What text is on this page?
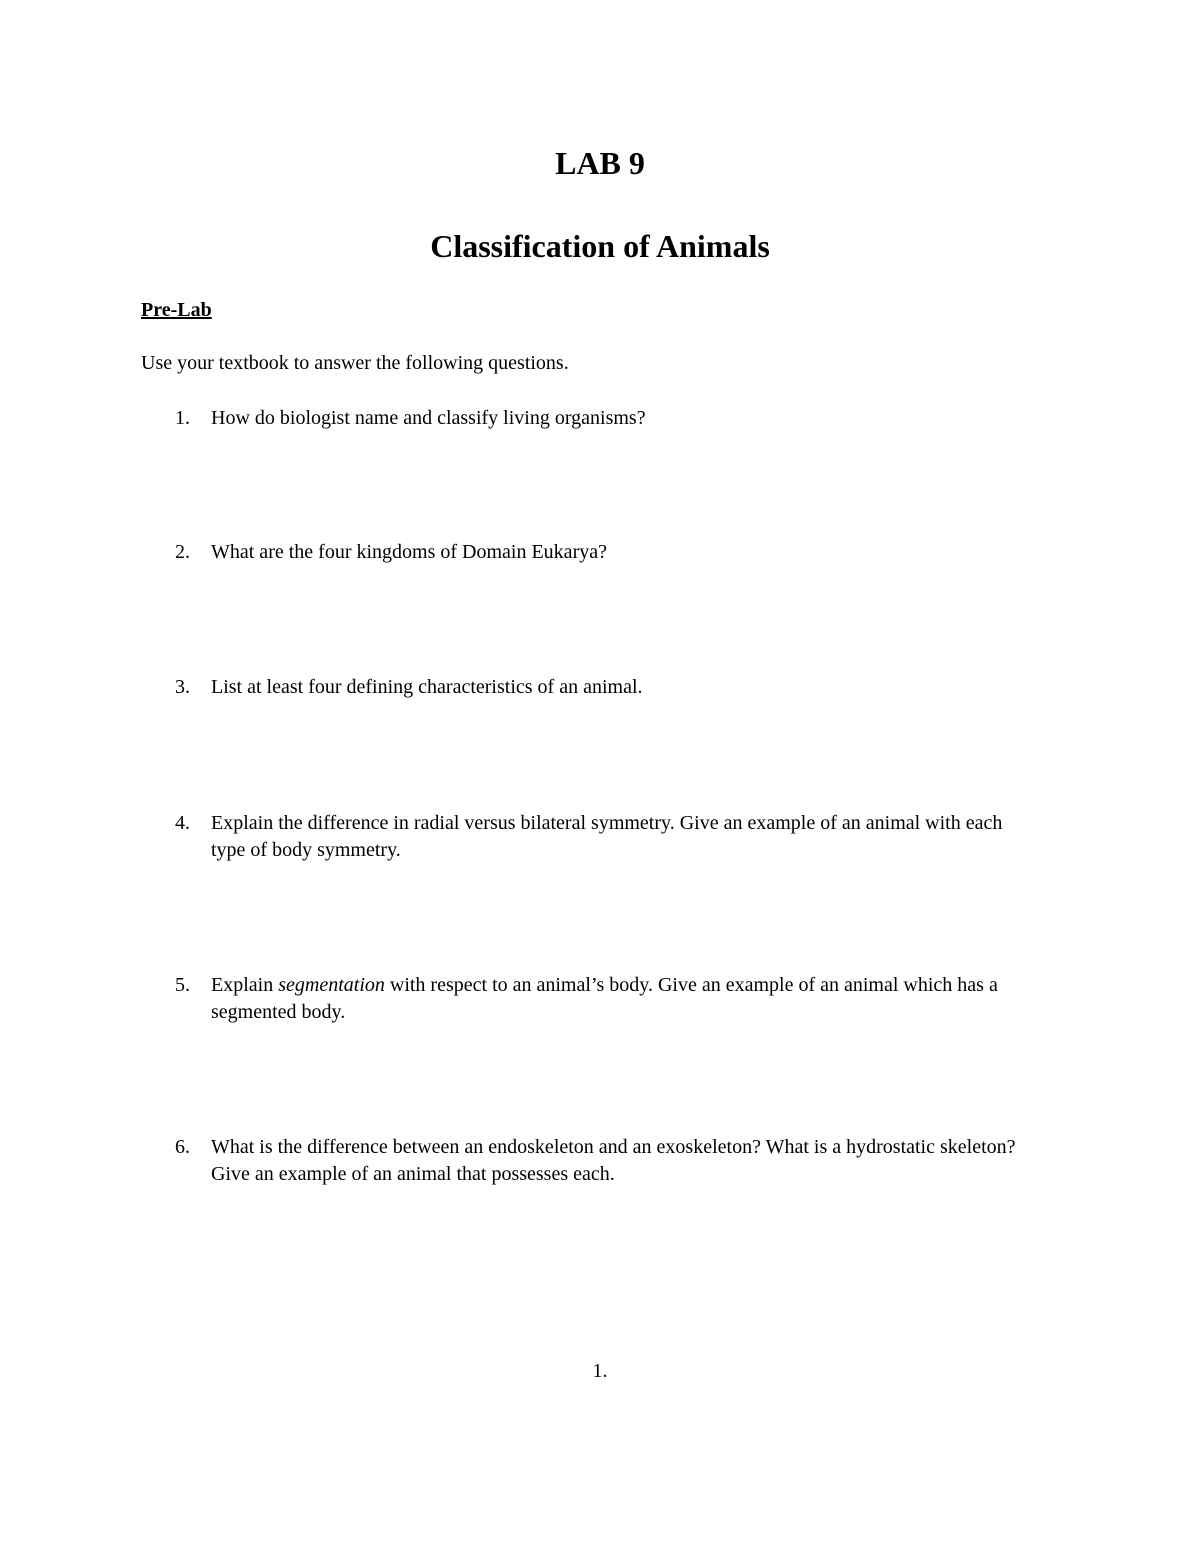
LAB 9
Classification of Animals
Pre-Lab

Use your textbook to answer the following questions.

1. How do biologist name and classify living organisms?
2. What are the four kingdoms of Domain Eukarya?
3. List at least four defining characteristics of an animal.
4. Explain the difference in radial versus bilateral symmetry. Give an example of an animal with each type of body symmetry.
5. Explain segmentation with respect to an animal’s body. Give an example of an animal which has a segmented body.
6. What is the difference between an endoskeleton and an exoskeleton? What is a hydrostatic skeleton? Give an example of an animal that possesses each.

1.
